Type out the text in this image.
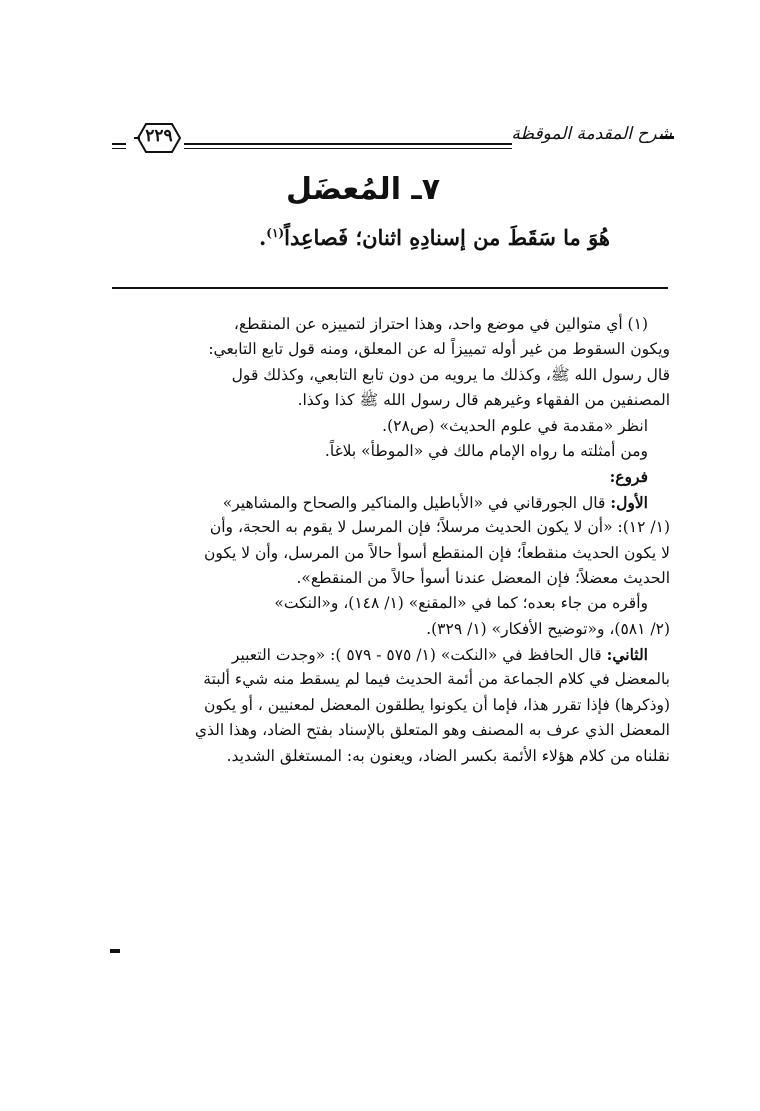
شرح المقدمة الموقظة
٢٢٩
٧ـ المُعضَل
هُوَ ما سَقَطَ من إسنادِهِ اثنان؛ فَصاعِداً$^{(١)}$.
(١) أي متوالين في موضع واحد، وهذا احتراز لتمييزه عن المنقطع،
ويكون السقوط من غير أوله تمييزاً له عن المعلق، ومنه قول تابع التابعي:
قال رسول الله ﷺ، وكذلك ما يرويه من دون تابع التابعي، وكذلك قول
المصنفين من الفقهاء وغيرهم قال رسول الله ﷺ كذا وكذا.
انظر «مقدمة في علوم الحديث» (ص٢٨).
ومن أمثلته ما رواه الإمام مالك في «الموطأ» بلاغاً.
فروع:
الأول: قال الجورقاني في «الأباطيل والمناكير والصحاح والمشاهير»
(١/ ١٢): «أن لا يكون الحديث مرسلاً؛ فإن المرسل لا يقوم به الحجة، وأن
لا يكون الحديث منقطعاً؛ فإن المنقطع أسوأ حالاً من المرسل، وأن لا يكون
الحديث معضلاً؛ فإن المعضل عندنا أسوأ حالاً من المنقطع».
وأقره من جاء بعده؛ كما في «المقنع» (١/ ١٤٨)، و«النكت»
(٢/ ٥٨١)، و«توضيح الأفكار» (١/ ٣٢٩).
الثاني: قال الحافظ في «النكت» (١/ ٥٧٥ - ٥٧٩ ): «وجدت التعبير
بالمعضل في كلام الجماعة من أئمة الحديث فيما لم يسقط منه شيء ألبتة
(وذكرها) فإذا تقرر هذا، فإما أن يكونوا يطلقون المعضل لمعنيين ، أو يكون
المعضل الذي عرف به المصنف وهو المتعلق بالإسناد بفتح الضاد، وهذا الذي
نقلناه من كلام هؤلاء الأئمة بكسر الضاد، ويعنون به: المستغلق الشديد.
